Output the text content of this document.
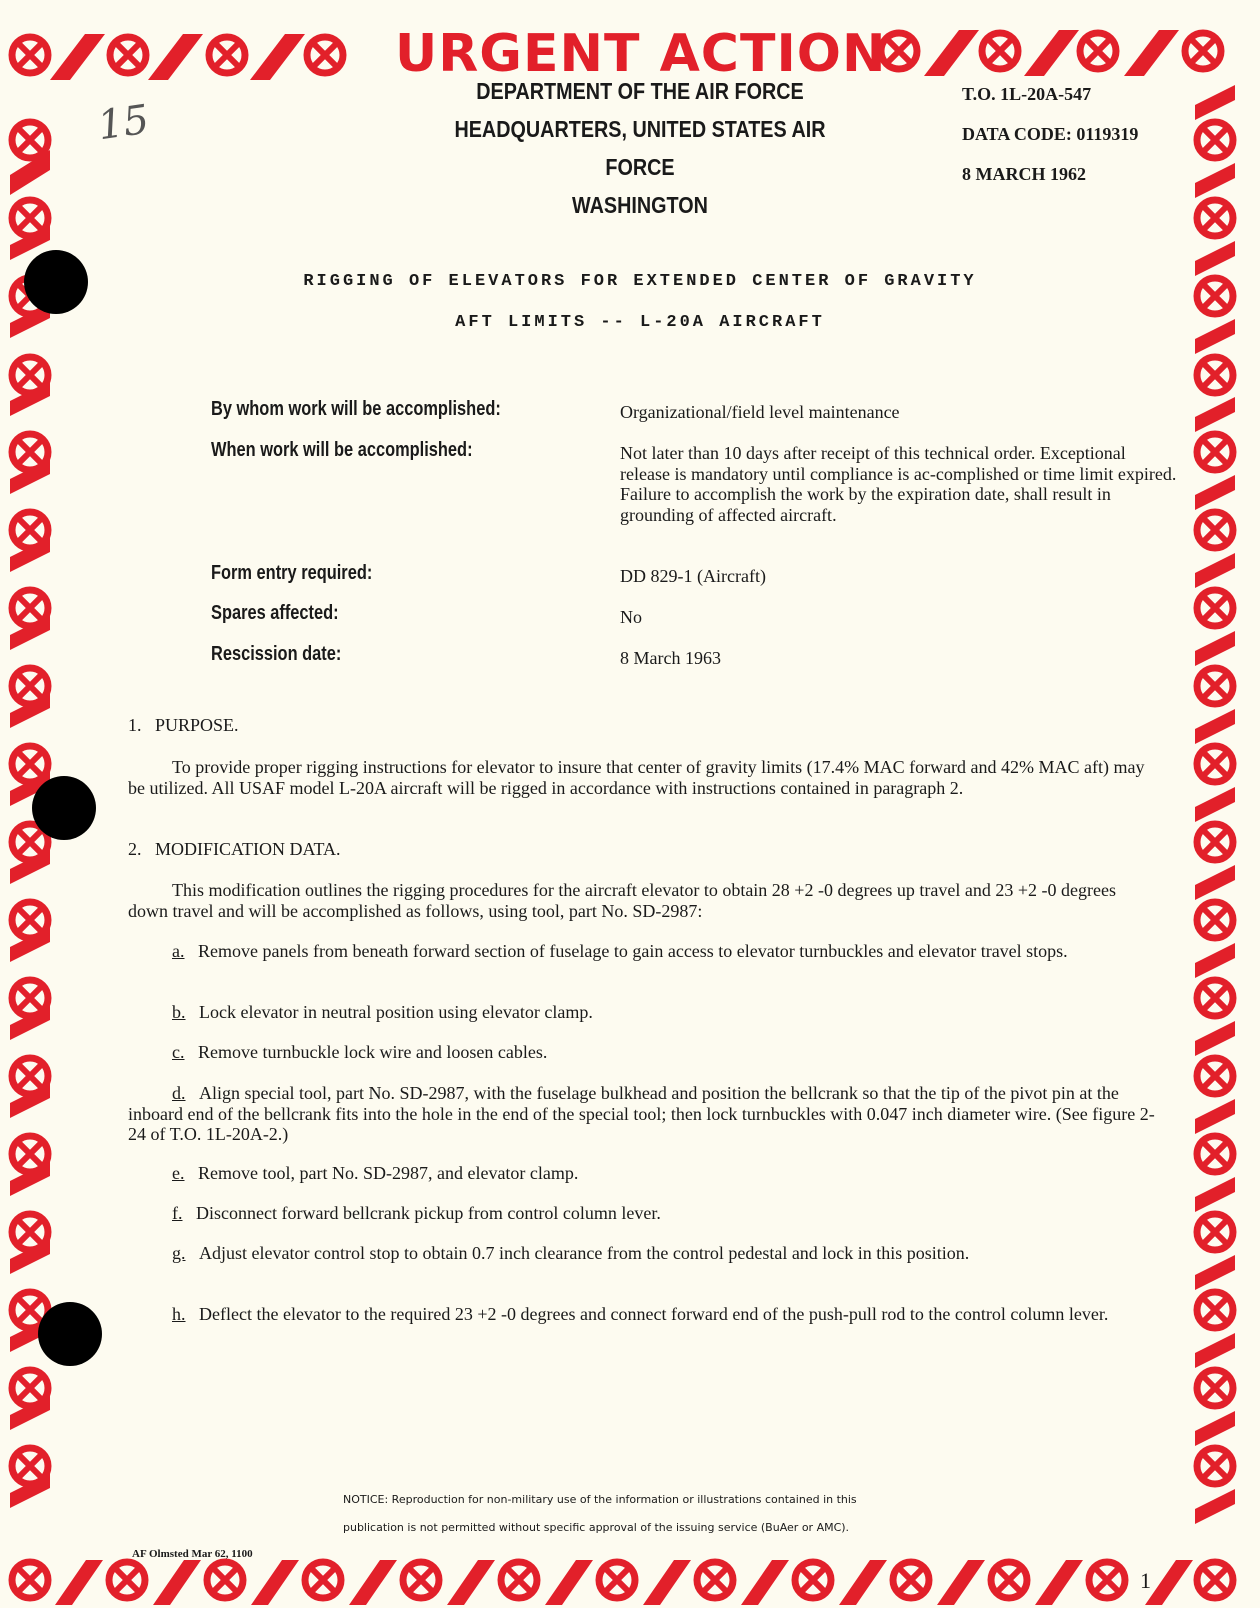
15
URGENT ACTION
DEPARTMENT OF THE AIR FORCE
HEADQUARTERS, UNITED STATES AIR FORCE
WASHINGTON
T.O. 1L-20A-547
DATA CODE: 0119319
8 MARCH 1962
RIGGING OF ELEVATORS FOR EXTENDED CENTER OF GRAVITY
AFT LIMITS -- L-20A AIRCRAFT
By whom work will be accomplished:	Organizational/field level maintenance
When work will be accomplished:	Not later than 10 days after receipt of this technical order. Exceptional release is mandatory until compliance is ac-complished or time limit expired. Failure to accomplish the work by the expiration date, shall result in grounding of affected aircraft.
Form entry required:	DD 829-1 (Aircraft)
Spares affected:	No
Rescission date:	8 March 1963
1.   PURPOSE.
To provide proper rigging instructions for elevator to insure that center of gravity limits (17.4% MAC forward and 42% MAC aft) may be utilized. All USAF model L-20A aircraft will be rigged in accordance with instructions contained in paragraph 2.
2.   MODIFICATION DATA.
This modification outlines the rigging procedures for the aircraft elevator to obtain 28 +2 -0 degrees up travel and 23 +2 -0 degrees down travel and will be accomplished as follows, using tool, part No. SD-2987:
a. Remove panels from beneath forward section of fuselage to gain access to elevator turnbuckles and elevator travel stops.
b. Lock elevator in neutral position using elevator clamp.
c. Remove turnbuckle lock wire and loosen cables.
d. Align special tool, part No. SD-2987, with the fuselage bulkhead and position the bellcrank so that the tip of the pivot pin at the inboard end of the bellcrank fits into the hole in the end of the special tool; then lock turnbuckles with 0.047 inch diameter wire. (See figure 2-24 of T.O. 1L-20A-2.)
e. Remove tool, part No. SD-2987, and elevator clamp.
f. Disconnect forward bellcrank pickup from control column lever.
g. Adjust elevator control stop to obtain 0.7 inch clearance from the control pedestal and lock in this position.
h. Deflect the elevator to the required 23 +2 -0 degrees and connect forward end of the push-pull rod to the control column lever.
NOTICE: Reproduction for non-military use of the information or illustrations contained in this
publication is not permitted without specific approval of the issuing service (BuAer or AMC).
AF Olmsted Mar 62, 1100
1
